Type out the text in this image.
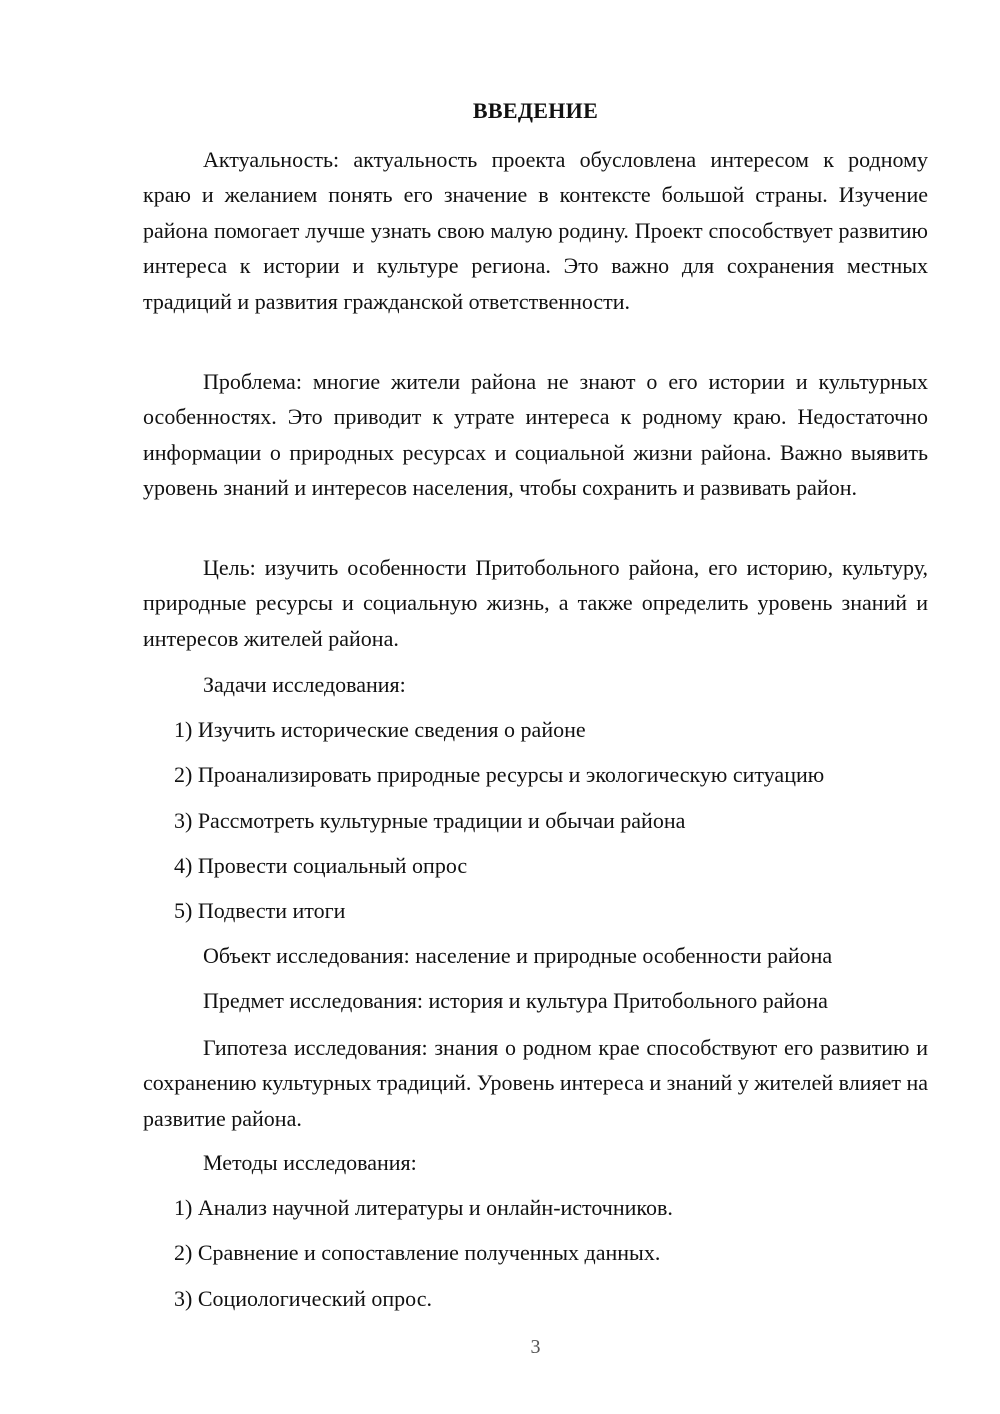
ВВЕДЕНИЕ

Актуальность: актуальность проекта обусловлена интересом к родному краю и желанием понять его значение в контексте большой страны. Изучение района помогает лучше узнать свою малую родину. Проект способствует развитию интереса к истории и культуре региона. Это важно для сохранения местных традиций и развития гражданской ответственности.

Проблема: многие жители района не знают о его истории и культурных особенностях. Это приводит к утрате интереса к родному краю. Недостаточно информации о природных ресурсах и социальной жизни района. Важно выявить уровень знаний и интересов населения, чтобы сохранить и развивать район.

Цель: изучить особенности Притобольного района, его историю, культуру, природные ресурсы и социальную жизнь, а также определить уровень знаний и интересов жителей района.

Задачи исследования:

1) Изучить исторические сведения о районе

2) Проанализировать природные ресурсы и экологическую ситуацию

3) Рассмотреть культурные традиции и обычаи района

4) Провести социальный опрос

5) Подвести итоги

Объект исследования: население и природные особенности района

Предмет исследования: история и культура Притобольного района

Гипотеза исследования: знания о родном крае способствуют его развитию и сохранению культурных традиций. Уровень интереса и знаний у жителей влияет на развитие района.

Методы исследования:

1) Анализ научной литературы и онлайн-источников.

2) Сравнение и сопоставление полученных данных.

3) Социологический опрос.

3
